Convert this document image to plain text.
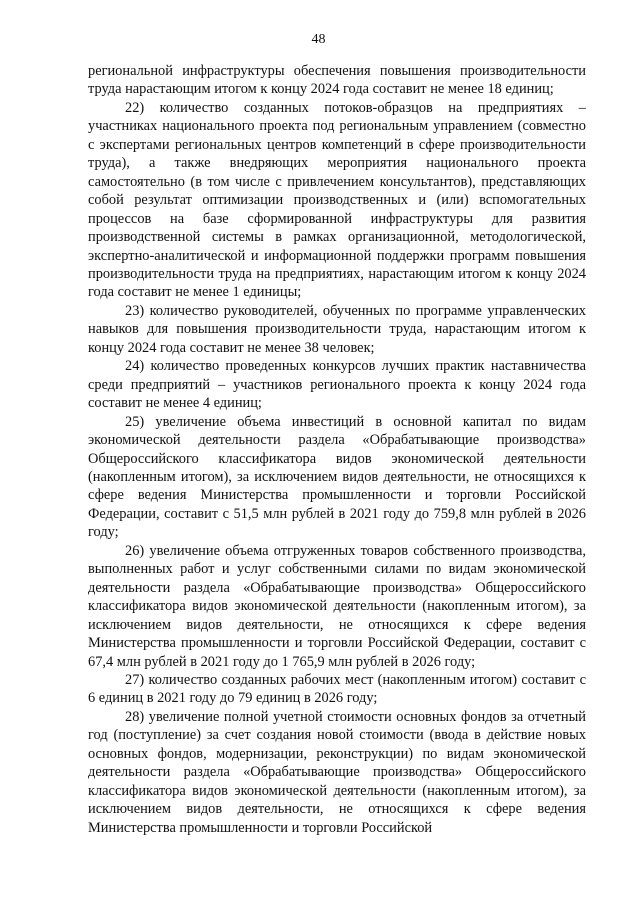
48

региональной инфраструктуры обеспечения повышения производительности труда нарастающим итогом к концу 2024 года составит не менее 18 единиц;

22) количество созданных потоков-образцов на предприятиях – участниках национального проекта под региональным управлением (совместно с экспертами региональных центров компетенций в сфере производительности труда), а также внедряющих мероприятия национального проекта самостоятельно (в том числе с привлечением консультантов), представляющих собой результат оптимизации производственных и (или) вспомогательных процессов на базе сформированной инфраструктуры для развития производственной системы в рамках организационной, методологической, экспертно-аналитической и информационной поддержки программ повышения производительности труда на предприятиях, нарастающим итогом к концу 2024 года составит не менее 1 единицы;

23) количество руководителей, обученных по программе управленческих навыков для повышения производительности труда, нарастающим итогом к концу 2024 года составит не менее 38 человек;

24) количество проведенных конкурсов лучших практик наставничества среди предприятий – участников регионального проекта к концу 2024 года составит не менее 4 единиц;

25) увеличение объема инвестиций в основной капитал по видам экономической деятельности раздела «Обрабатывающие производства» Общероссийского классификатора видов экономической деятельности (накопленным итогом), за исключением видов деятельности, не относящихся к сфере ведения Министерства промышленности и торговли Российской Федерации, составит с 51,5 млн рублей в 2021 году до 759,8 млн рублей в 2026 году;

26) увеличение объема отгруженных товаров собственного производства, выполненных работ и услуг собственными силами по видам экономической деятельности раздела «Обрабатывающие производства» Общероссийского классификатора видов экономической деятельности (накопленным итогом), за исключением видов деятельности, не относящихся к сфере ведения Министерства промышленности и торговли Российской Федерации, составит с 67,4 млн рублей в 2021 году до 1 765,9 млн рублей в 2026 году;

27) количество созданных рабочих мест (накопленным итогом) составит с 6 единиц в 2021 году до 79 единиц в 2026 году;

28) увеличение полной учетной стоимости основных фондов за отчетный год (поступление) за счет создания новой стоимости (ввода в действие новых основных фондов, модернизации, реконструкции) по видам экономической деятельности раздела «Обрабатывающие производства» Общероссийского классификатора видов экономической деятельности (накопленным итогом), за исключением видов деятельности, не относящихся к сфере ведения Министерства промышленности и торговли Российской
